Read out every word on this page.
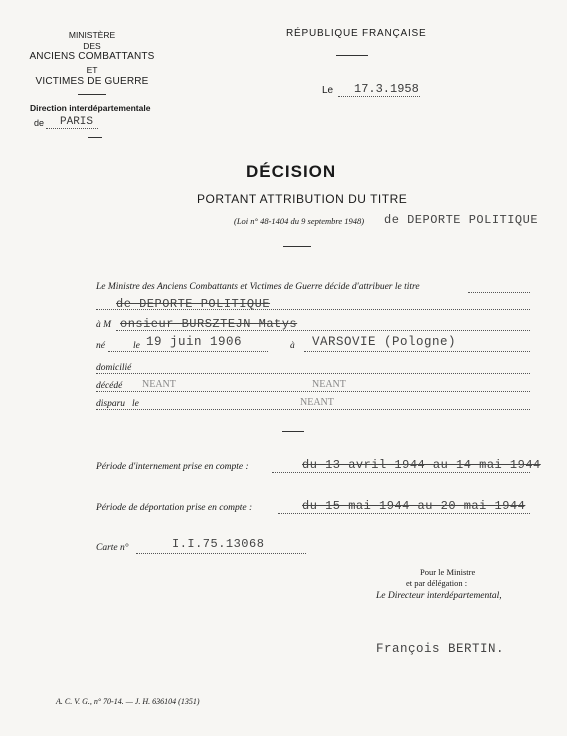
MINISTÈRE
DES
ANCIENS COMBATTANTS
ET
VICTIMES DE GUERRE
Direction interdépartementale
de PARIS
RÉPUBLIQUE FRANÇAISE
Le 17.3.1958
DÉCISION
PORTANT ATTRIBUTION DU TITRE
(Loi n° 48-1404 du 9 septembre 1948) de DEPORTE POLITIQUE
Le Ministre des Anciens Combattants et Victimes de Guerre décide d'attribuer le titre
de DEPORTE POLITIQUE
à M onsieur BURSZTEJN Matys
né	le 19 juin 1906	à VARSOVIE (Pologne)
domicilié
décédé NEANT	NEANT
disparu le	NEANT
Période d'internement prise en compte :	du 13 avril 1944 au 14 mai 1944
Période de déportation prise en compte :	du 15 mai 1944 au 20 mai 1944
Carte n°	I.I.75.13068
Pour le Ministre
et par délégation :
Le Directeur interdépartemental,
François BERTIN.
A. C. V. G., n° 70-14. — J. H. 636104 (1351)
